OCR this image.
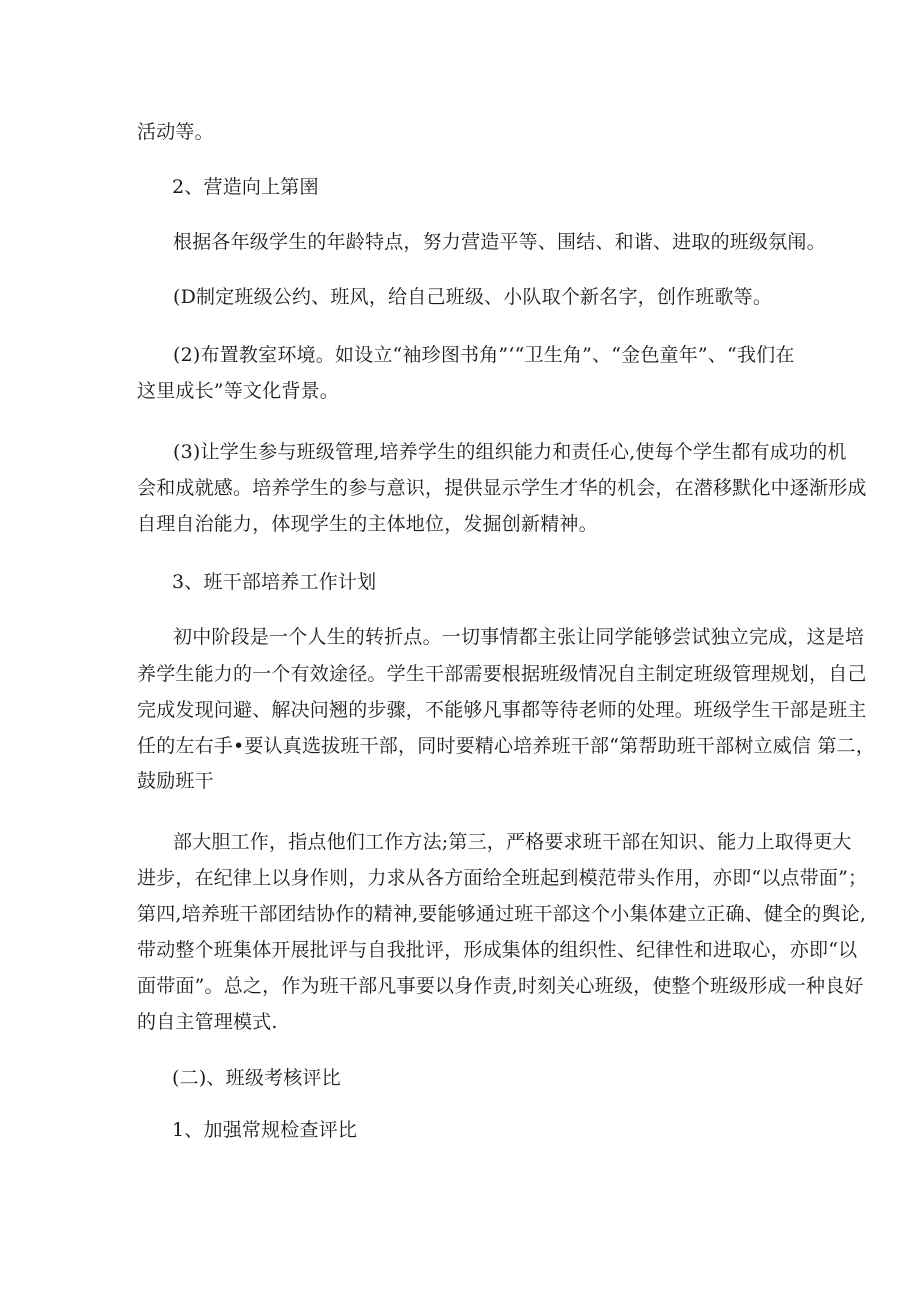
活动等。
2、营造向上第圉
根据各年级学生的年龄特点，努力营造平等、围结、和谐、进取的班级氛闱。
(D制定班级公约、班风，给自己班级、小队取个新名字，创作班歌等。
(2)布置教室环境。如设立“袖珍图书角”‘“卫生角”、“金色童年”、“我们在
这里成长”等文化背景。
(3)让学生参与班级管理,培养学生的组织能力和责任心,使每个学生都有成功的机
会和成就感。培养学生的参与意识，提供显示学生才华的机会，在潜移默化中逐渐形成
自理自治能力，体现学生的主体地位，发掘创新精神。
3、班干部培养工作计划
初中阶段是一个人生的转折点。一切事情都主张让同学能够尝试独立完成，这是培
养学生能力的一个有效途径。学生干部需要根据班级情况自主制定班级管理规划，自己
完成发现问避、解决问翘的步骤，不能够凡事都等待老师的处理。班级学生干部是班主
任的左右手•要认真选拔班干部，同时要精心培养班干部“第帮助班干部树立威信 第二，
鼓励班干
部大胆工作，指点他们工作方法;第三，严格要求班干部在知识、能力上取得更大
进步，在纪律上以身作则，力求从各方面给全班起到模范带头作用，亦即“以点带面”；
第四,培养班干部团结协作的精神,要能够通过班干部这个小集体建立正确、健全的舆论,
带动整个班集体开展批评与自我批评，形成集体的组织性、纪律性和进取心，亦即“以
面带面”。总之，作为班干部凡事要以身作责,时刻关心班级，使整个班级形成一种良好
的自主管理模式.
(二)、班级考核评比
1、加强常规检查评比
